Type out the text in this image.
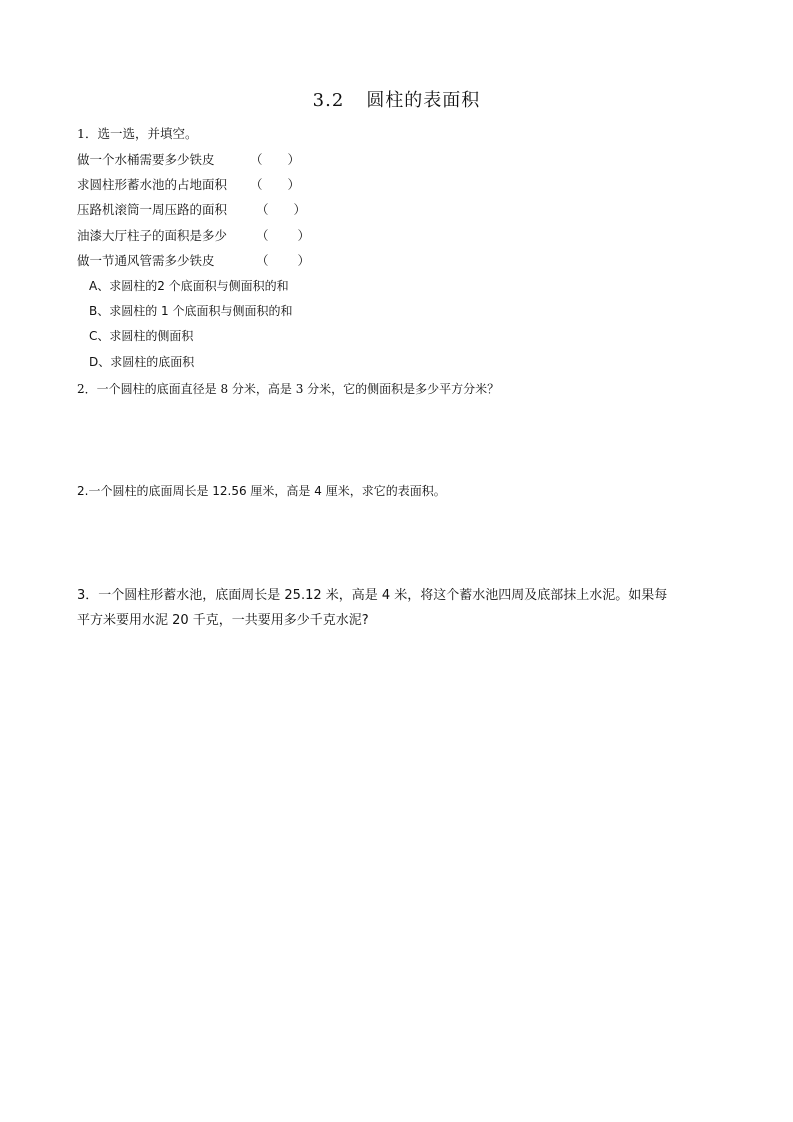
3.2 圆柱的表面积
1．选一选，并填空。
做一个水桶需要多少铁皮	（　　）
求圆柱形蓄水池的占地面积 （　　）
压路机滚筒一周压路的面积 （　　）
油漆大厅柱子的面积是多少 （　　 ）
做一节通风管需多少铁皮	（　　 ）
A、求圆柱的2 个底面积与侧面积的和
B、求圆柱的 1 个底面积与侧面积的和
C、求圆柱的侧面积
D、求圆柱的底面积
2．一个圆柱的底面直径是 8 分米，高是 3 分米，它的侧面积是多少平方分米？
2.一个圆柱的底面周长是 12.56 厘米，高是 4 厘米，求它的表面积。
3．一个圆柱形蓄水池，底面周长是 25.12 米，高是 4 米，将这个蓄水池四周及底部抹上水泥。如果每
平方米要用水泥 20 千克，一共要用多少千克水泥?
